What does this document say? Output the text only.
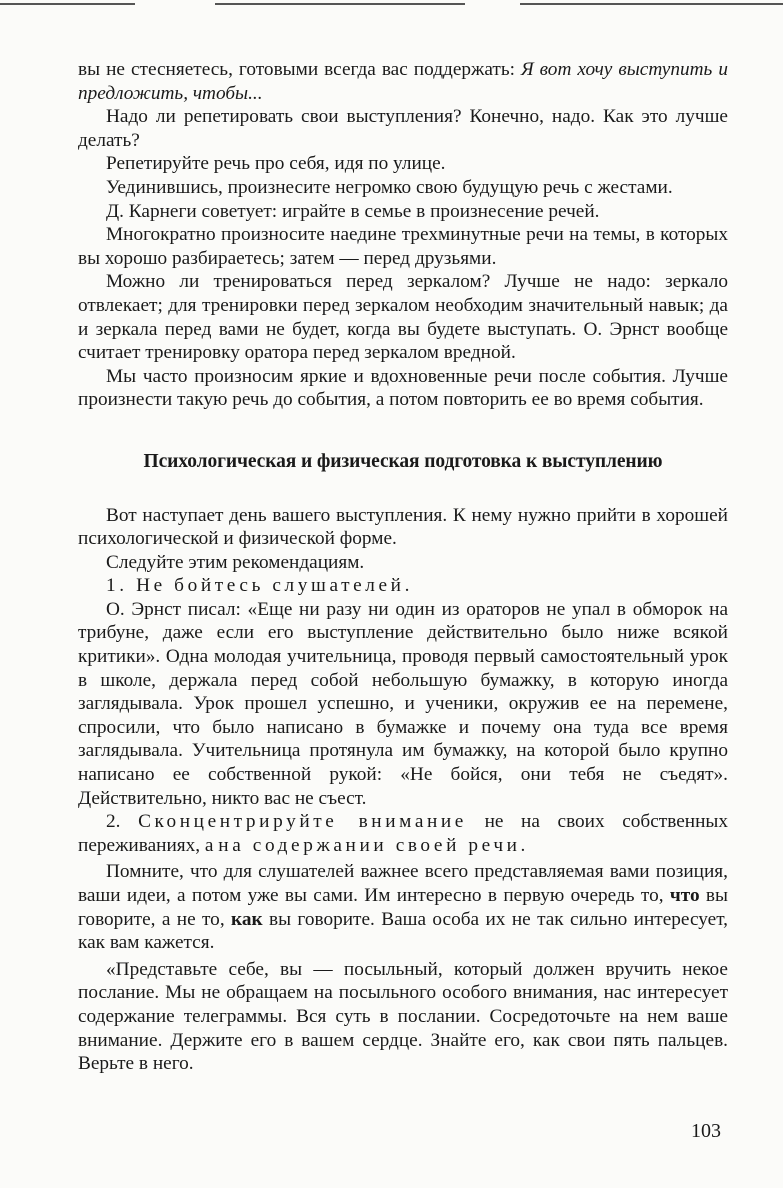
вы не стесняетесь, готовыми всегда вас поддержать: Я вот хочу выступить и предложить, чтобы...

Надо ли репетировать свои выступления? Конечно, надо. Как это лучше делать?

Репетируйте речь про себя, идя по улице.

Уединившись, произнесите негромко свою будущую речь с жестами.

Д. Карнеги советует: играйте в семье в произнесение речей.

Многократно произносите наедине трехминутные речи на темы, в которых вы хорошо разбираетесь; затем — перед друзьями.

Можно ли тренироваться перед зеркалом? Лучше не надо: зеркало отвлекает; для тренировки перед зеркалом необходим значительный навык; да и зеркала перед вами не будет, когда вы будете выступать. О. Эрнст вообще считает тренировку оратора перед зеркалом вредной.

Мы часто произносим яркие и вдохновенные речи после события. Лучше произнести такую речь до события, а потом повторить ее во время события.

Психологическая и физическая подготовка к выступлению

Вот наступает день вашего выступления. К нему нужно прийти в хорошей психологической и физической форме.

Следуйте этим рекомендациям.

1. Не бойтесь слушателей.

О. Эрнст писал: «Еще ни разу ни один из ораторов не упал в обморок на трибуне, даже если его выступление действительно было ниже всякой критики». Одна молодая учительница, проводя первый самостоятельный урок в школе, держала перед собой небольшую бумажку, в которую иногда заглядывала. Урок прошел успешно, и ученики, окружив ее на перемене, спросили, что было написано в бумажке и почему она туда все время заглядывала. Учительница протянула им бумажку, на которой было крупно написано ее собственной рукой: «Не бойся, они тебя не съедят». Действительно, никто вас не съест.

2. Сконцентрируйте внимание не на своих собственных переживаниях, а на содержании своей речи.

Помните, что для слушателей важнее всего представляемая вами позиция, ваши идеи, а потом уже вы сами. Им интересно в первую очередь то, что вы говорите, а не то, как вы говорите. Ваша особа их не так сильно интересует, как вам кажется.

«Представьте себе, вы — посыльный, который должен вручить некое послание. Мы не обращаем на посыльного особого внимания, нас интересует содержание телеграммы. Вся суть в послании. Сосредоточьте на нем ваше внимание. Держите его в вашем сердце. Знайте его, как свои пять пальцев. Верьте в него.

103
